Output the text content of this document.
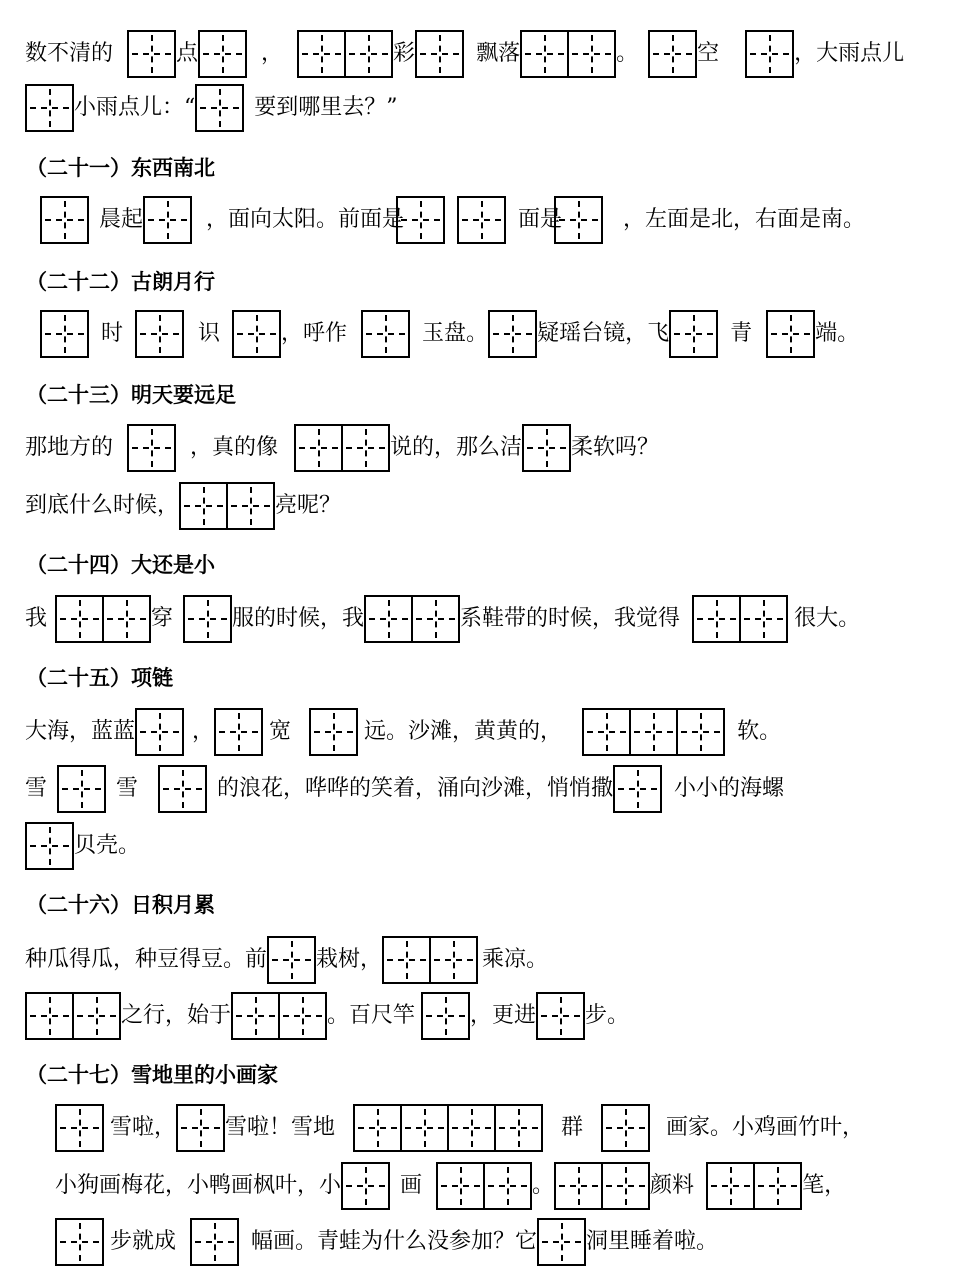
数不清的	点	，	彩	飘落	。	空	，大雨点儿
小雨点儿：“	要到哪里去？”
（二十一）东西南北
晨起	，面向太阳。前面是	面是	，左面是北，右面是南。
（二十二）古朗月行
时	识	，呼作	玉盘。 疑瑶台镜，飞	青	端。
（二十三）明天要远足
那地方的	，真的像	说的，那么洁 柔软吗？
到底什么时候，	亮呢？
（二十四）大还是小
我	穿	服的时候，我	系鞋带的时候，我觉得	很大。
（二十五）项链
大海，蓝蓝	，	宽	远。沙滩，黄黄的，	软。
雪	雪	的浪花，哗哗的笑着，涌向沙滩，悄悄撒	小小的海螺
贝壳。
（二十六）日积月累
种瓜得瓜，种豆得豆。前 栽树，	乘凉。
之行，始于	。百尺竿	，更进 步。
（二十七）雪地里的小画家
雪啦， 雪啦！雪地	群	画家。小鸡画竹叶，
小狗画梅花，小鸭画枫叶，小	画	。	颜料	笔，
步就成	幅画。青蛙为什么没参加？它 洞里睡着啦。
